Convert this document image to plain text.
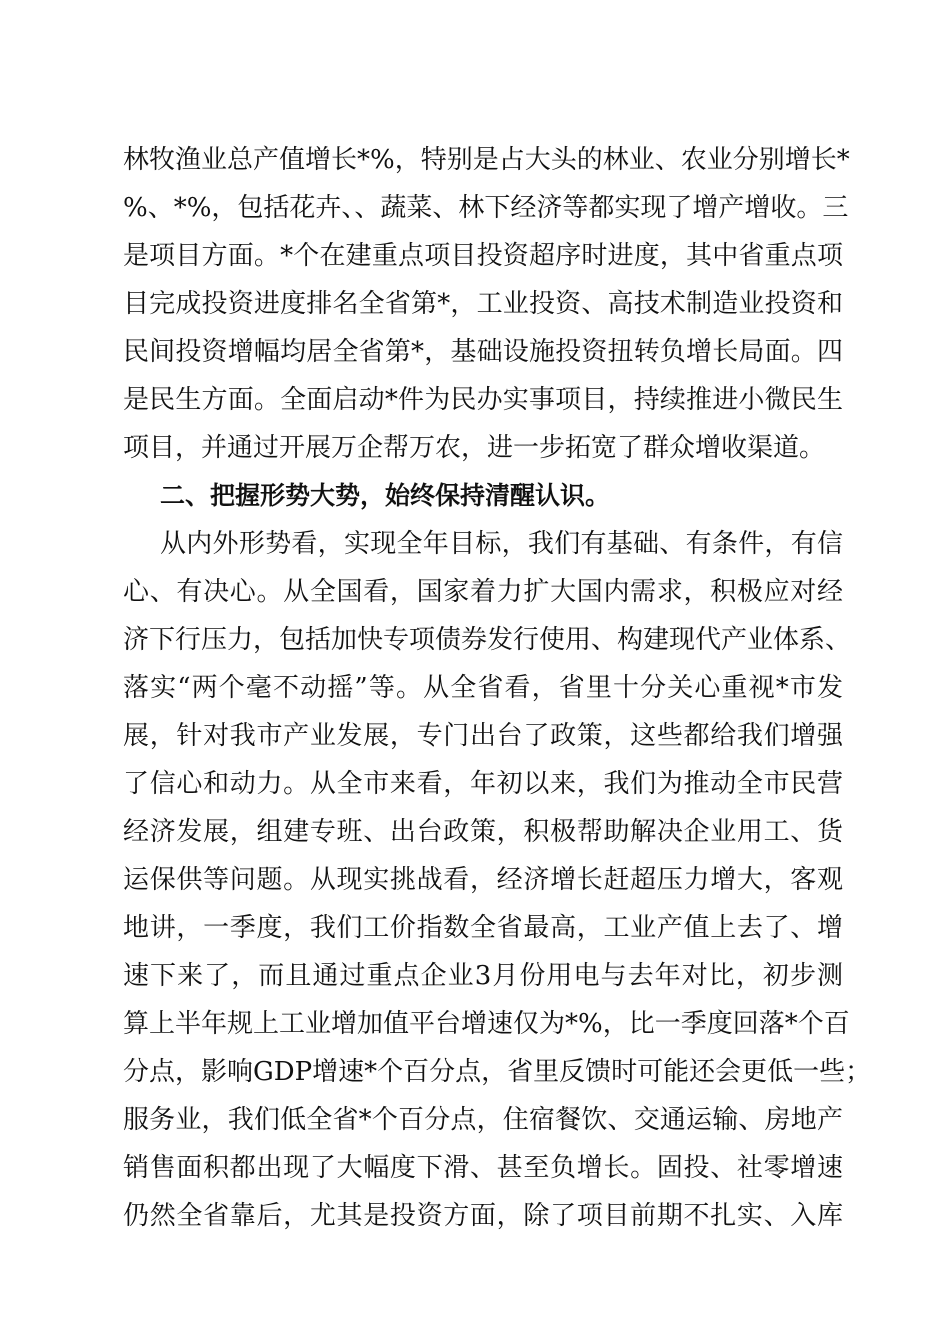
林牧渔业总产值增长*%，特别是占大头的林业、农业分别增长*
%、*%，包括花卉、、蔬菜、林下经济等都实现了增产增收。三
是项目方面。*个在建重点项目投资超序时进度，其中省重点项
目完成投资进度排名全省第*，工业投资、高技术制造业投资和
民间投资增幅均居全省第*，基础设施投资扭转负增长局面。四
是民生方面。全面启动*件为民办实事项目，持续推进小微民生
项目，并通过开展万企帮万农，进一步拓宽了群众增收渠道。
二、把握形势大势，始终保持清醒认识。
从内外形势看，实现全年目标，我们有基础、有条件，有信
心、有决心。从全国看，国家着力扩大国内需求，积极应对经
济下行压力，包括加快专项债券发行使用、构建现代产业体系、
落实“两个毫不动摇”等。从全省看，省里十分关心重视*市发
展，针对我市产业发展，专门出台了政策，这些都给我们增强
了信心和动力。从全市来看，年初以来，我们为推动全市民营
经济发展，组建专班、出台政策，积极帮助解决企业用工、货
运保供等问题。从现实挑战看，经济增长赶超压力增大，客观
地讲，一季度，我们工价指数全省最高，工业产值上去了、增
速下来了，而且通过重点企业3月份用电与去年对比，初步测
算上半年规上工业增加值平台增速仅为*%，比一季度回落*个百
分点，影响GDP增速*个百分点，省里反馈时可能还会更低一些；
服务业，我们低全省*个百分点，住宿餐饮、交通运输、房地产
销售面积都出现了大幅度下滑、甚至负增长。固投、社零增速
仍然全省靠后，尤其是投资方面，除了项目前期不扎实、入库
